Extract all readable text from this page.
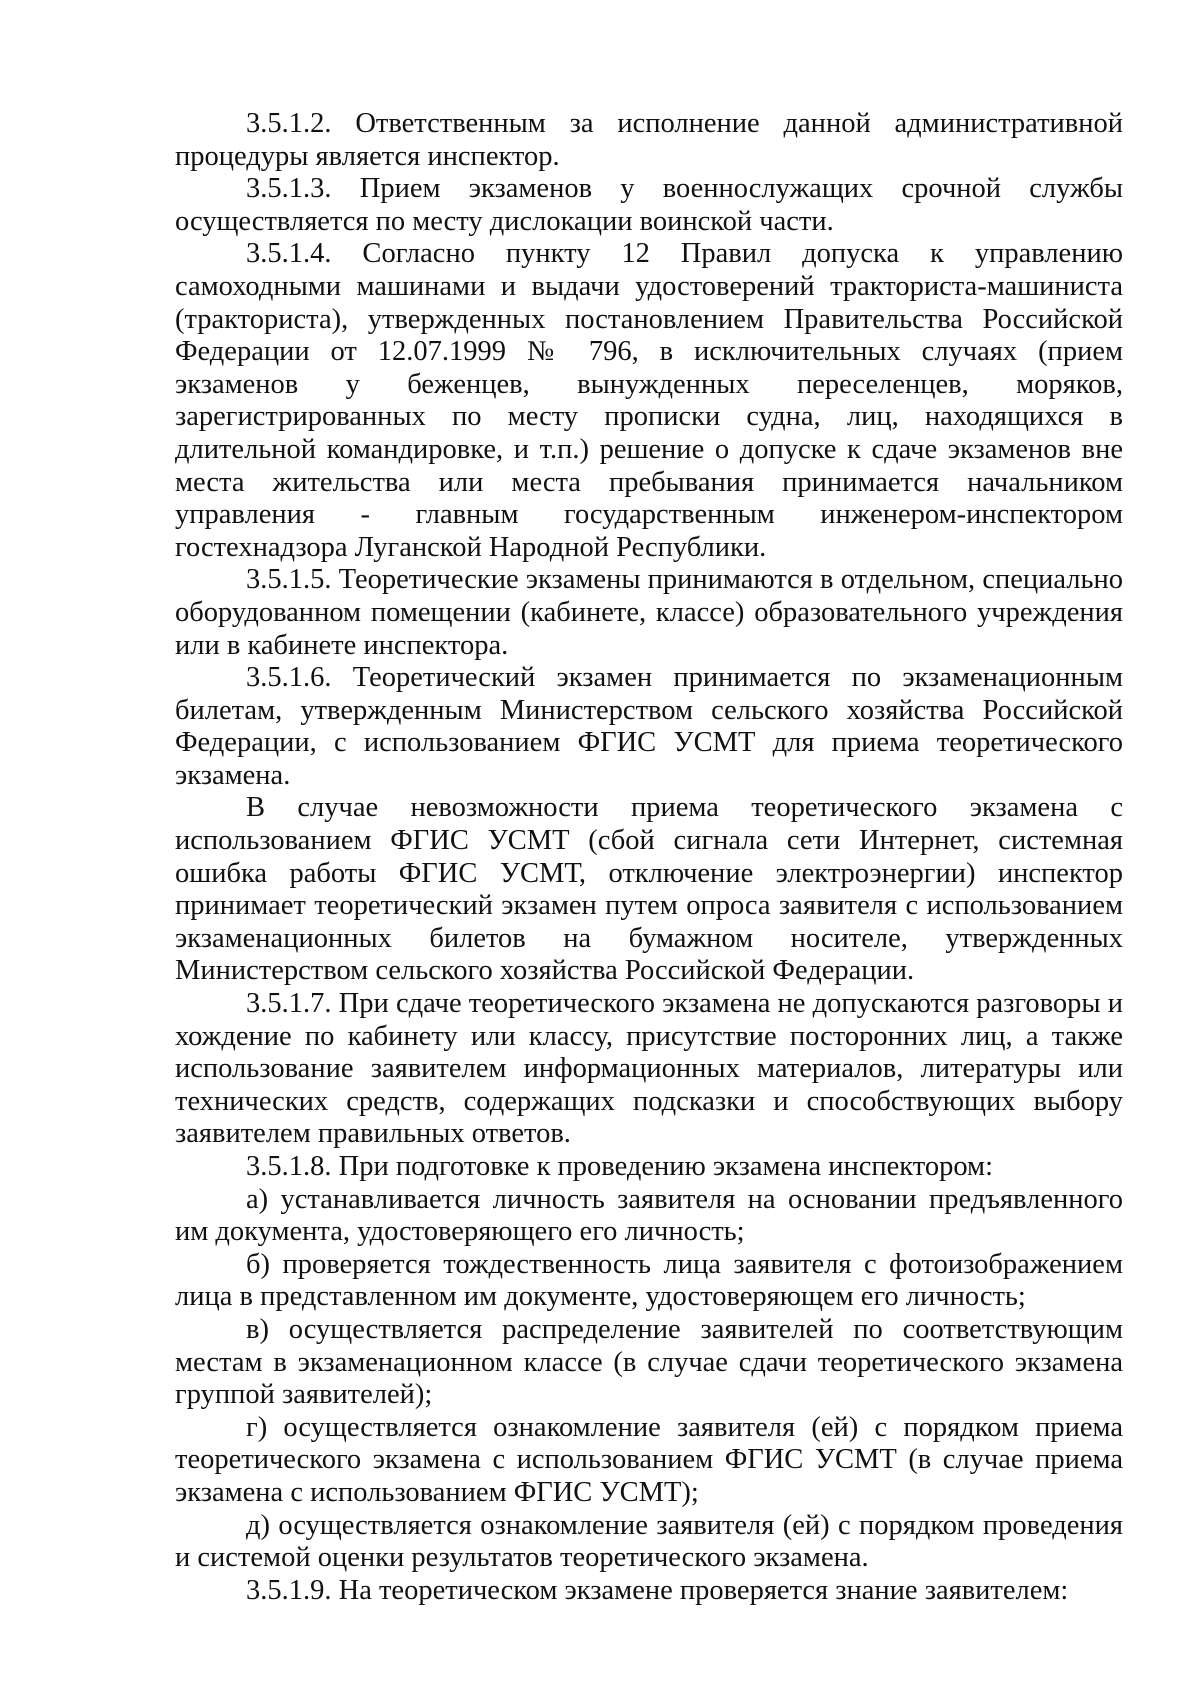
3.5.1.2. Ответственным за исполнение данной административной процедуры является инспектор.

3.5.1.3. Прием экзаменов у военнослужащих срочной службы осуществляется по месту дислокации воинской части.

3.5.1.4. Согласно пункту 12 Правил допуска к управлению самоходными машинами и выдачи удостоверений тракториста-машиниста (тракториста), утвержденных постановлением Правительства Российской Федерации от 12.07.1999 № 796, в исключительных случаях (прием экзаменов у беженцев, вынужденных переселенцев, моряков, зарегистрированных по месту прописки судна, лиц, находящихся в длительной командировке, и т.п.) решение о допуске к сдаче экзаменов вне места жительства или места пребывания принимается начальником управления - главным государственным инженером-инспектором гостехнадзора Луганской Народной Республики.

3.5.1.5. Теоретические экзамены принимаются в отдельном, специально оборудованном помещении (кабинете, классе) образовательного учреждения или в кабинете инспектора.

3.5.1.6. Теоретический экзамен принимается по экзаменационным билетам, утвержденным Министерством сельского хозяйства Российской Федерации, с использованием ФГИС УСМТ для приема теоретического экзамена.

В случае невозможности приема теоретического экзамена с использованием ФГИС УСМТ (сбой сигнала сети Интернет, системная ошибка работы ФГИС УСМТ, отключение электроэнергии) инспектор принимает теоретический экзамен путем опроса заявителя с использованием экзаменационных билетов на бумажном носителе, утвержденных Министерством сельского хозяйства Российской Федерации.

3.5.1.7. При сдаче теоретического экзамена не допускаются разговоры и хождение по кабинету или классу, присутствие посторонних лиц, а также использование заявителем информационных материалов, литературы или технических средств, содержащих подсказки и способствующих выбору заявителем правильных ответов.

3.5.1.8. При подготовке к проведению экзамена инспектором:

а) устанавливается личность заявителя на основании предъявленного им документа, удостоверяющего его личность;

б) проверяется тождественность лица заявителя с фотоизображением лица в представленном им документе, удостоверяющем его личность;

в) осуществляется распределение заявителей по соответствующим местам в экзаменационном классе (в случае сдачи теоретического экзамена группой заявителей);

г) осуществляется ознакомление заявителя (ей) с порядком приема теоретического экзамена с использованием ФГИС УСМТ (в случае приема экзамена с использованием ФГИС УСМТ);

д) осуществляется ознакомление заявителя (ей) с порядком проведения и системой оценки результатов теоретического экзамена.

3.5.1.9. На теоретическом экзамене проверяется знание заявителем:
